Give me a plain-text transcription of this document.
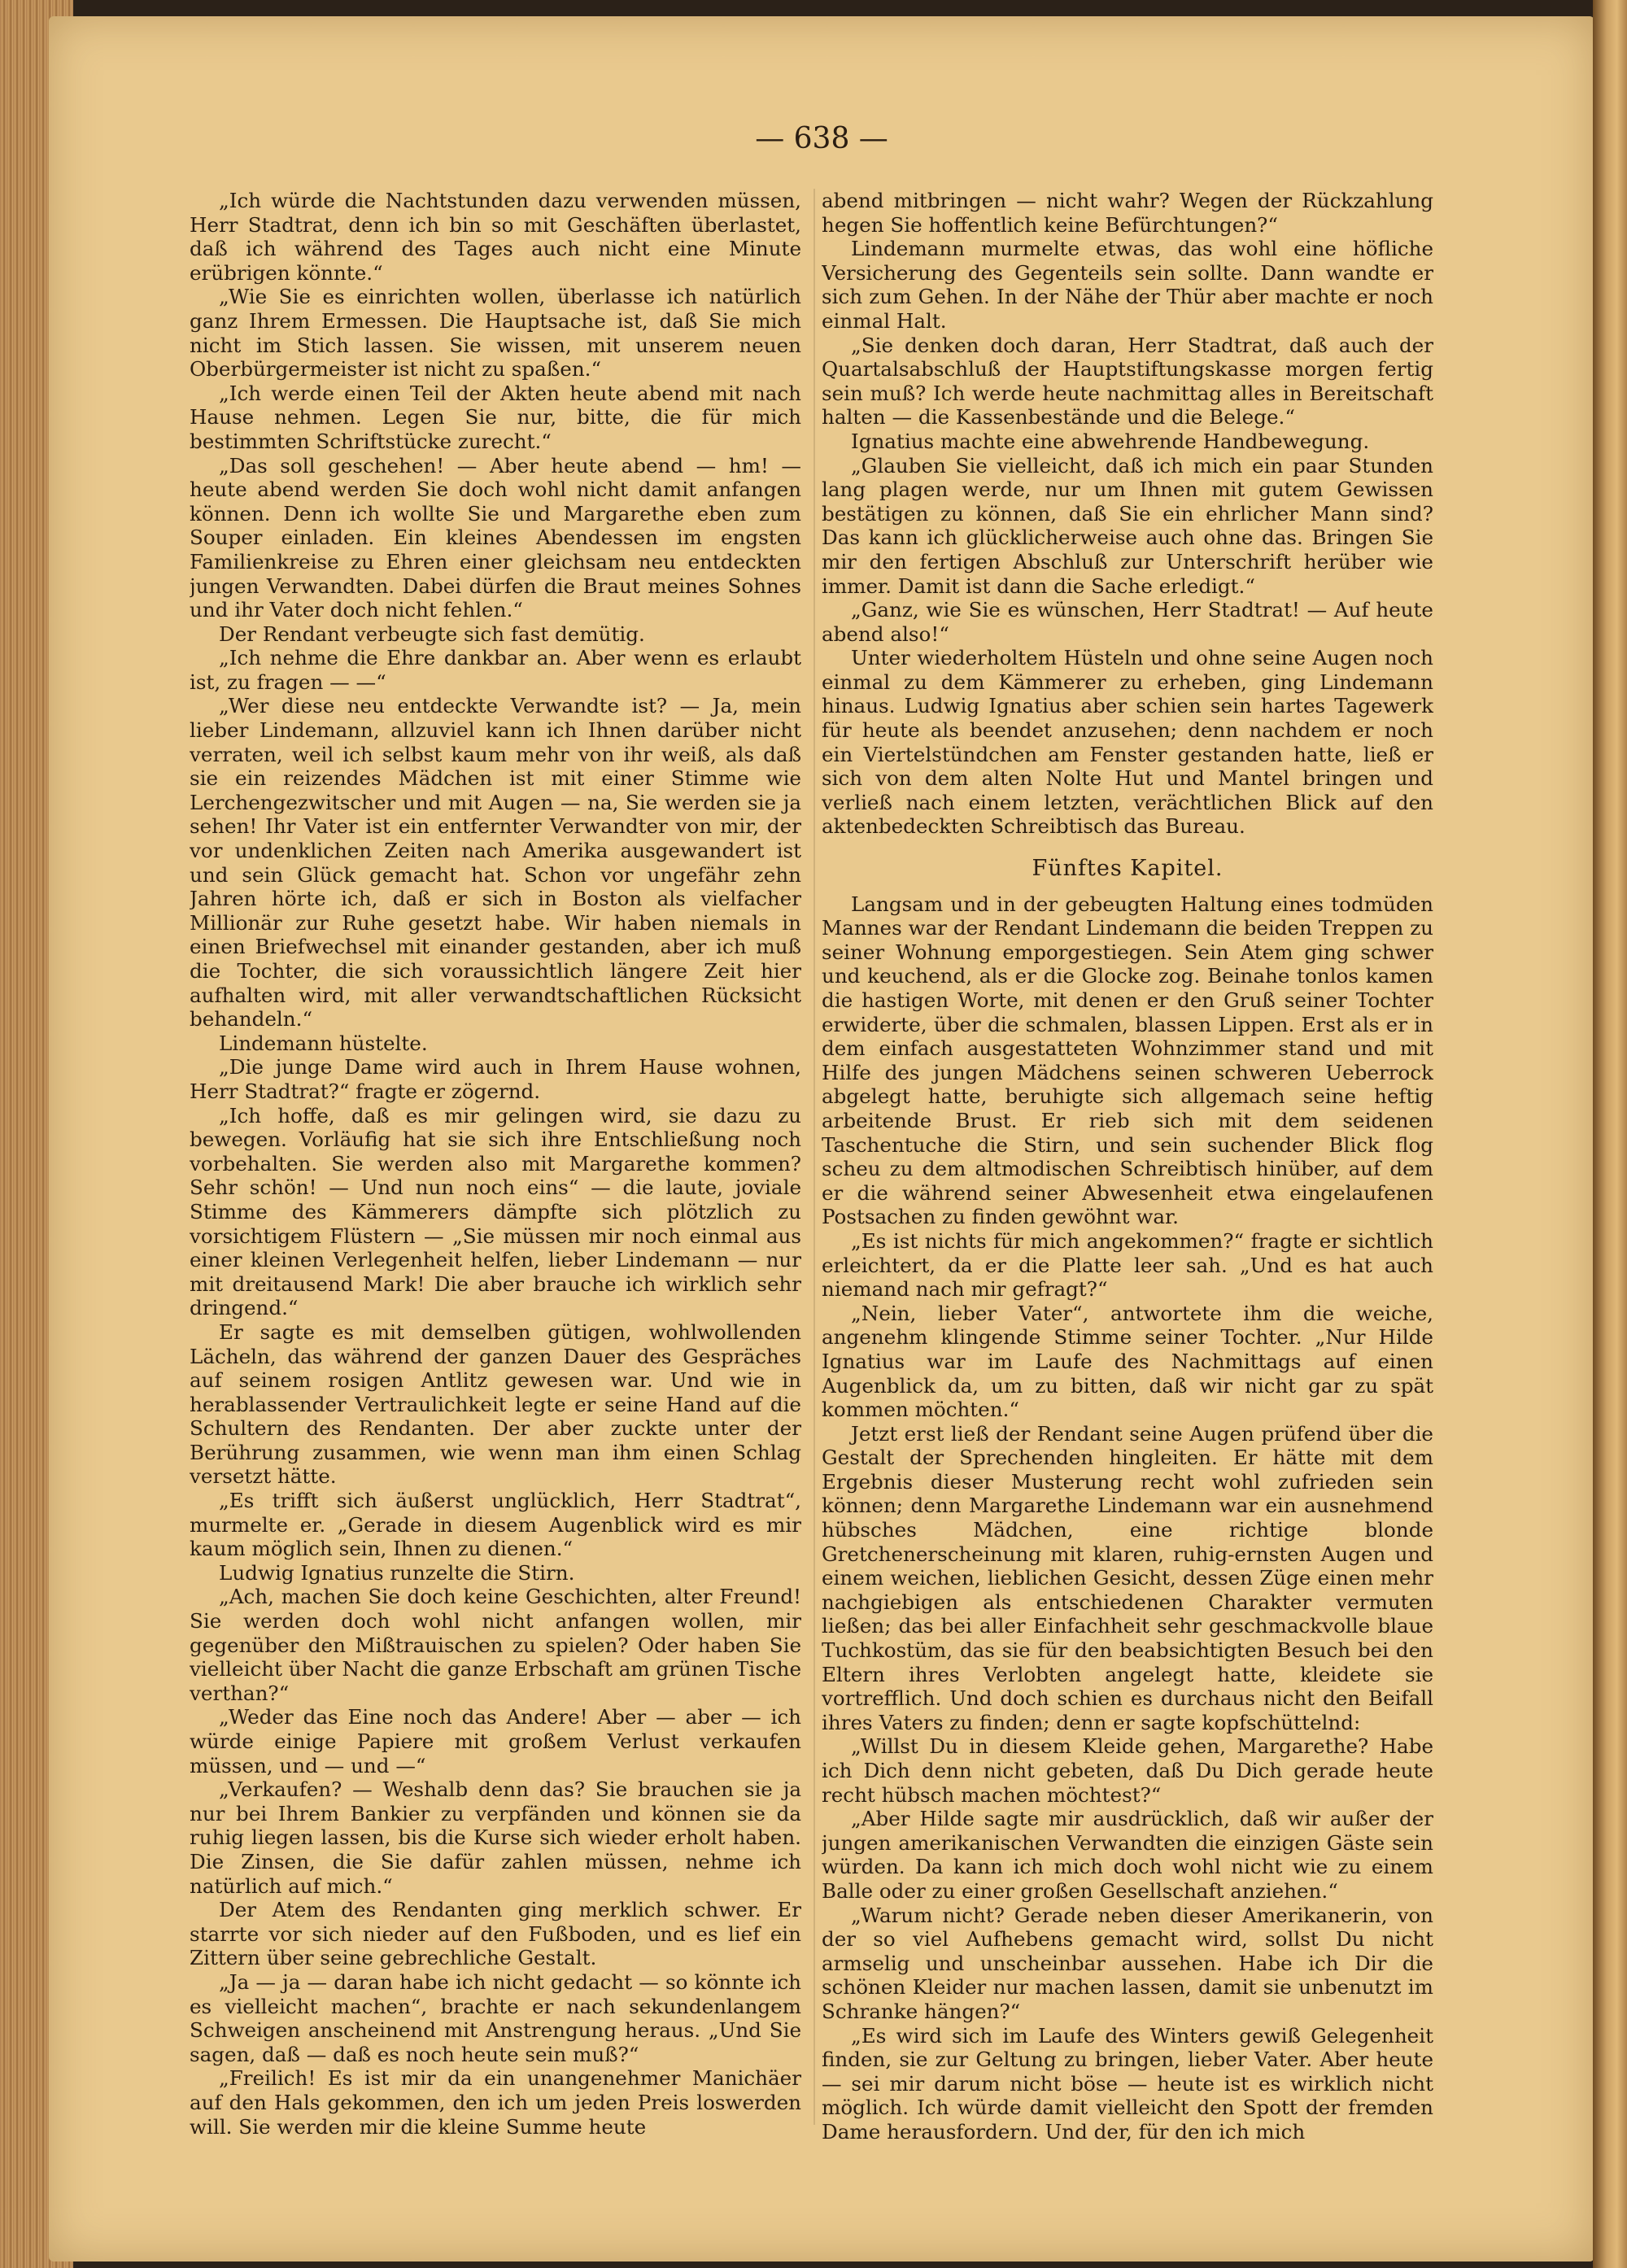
— 638 —

„Ich würde die Nachtstunden dazu verwenden müssen, Herr Stadtrat, denn ich bin so mit Geschäften überlastet, daß ich während des Tages auch nicht eine Minute erübrigen könnte.“

„Wie Sie es einrichten wollen, überlasse ich natürlich ganz Ihrem Ermessen. Die Hauptsache ist, daß Sie mich nicht im Stich lassen. Sie wissen, mit unserem neuen Oberbürgermeister ist nicht zu spaßen.“

„Ich werde einen Teil der Akten heute abend mit nach Hause nehmen. Legen Sie nur, bitte, die für mich bestimmten Schriftstücke zurecht.“

„Das soll geschehen! — Aber heute abend — hm! — heute abend werden Sie doch wohl nicht damit anfangen können. Denn ich wollte Sie und Margarethe eben zum Souper einladen. Ein kleines Abendessen im engsten Familienkreise zu Ehren einer gleichsam neu entdeckten jungen Verwandten. Dabei dürfen die Braut meines Sohnes und ihr Vater doch nicht fehlen.“

Der Rendant verbeugte sich fast demütig.

„Ich nehme die Ehre dankbar an. Aber wenn es erlaubt ist, zu fragen — —“

„Wer diese neu entdeckte Verwandte ist? — Ja, mein lieber Lindemann, allzuviel kann ich Ihnen darüber nicht verraten, weil ich selbst kaum mehr von ihr weiß, als daß sie ein reizendes Mädchen ist mit einer Stimme wie Lerchengezwitscher und mit Augen — na, Sie werden sie ja sehen! Ihr Vater ist ein entfernter Verwandter von mir, der vor undenklichen Zeiten nach Amerika ausgewandert ist und sein Glück gemacht hat. Schon vor ungefähr zehn Jahren hörte ich, daß er sich in Boston als vielfacher Millionär zur Ruhe gesetzt habe. Wir haben niemals in einen Briefwechsel mit einander gestanden, aber ich muß die Tochter, die sich voraussichtlich längere Zeit hier aufhalten wird, mit aller verwandtschaftlichen Rücksicht behandeln.“

Lindemann hüstelte.

„Die junge Dame wird auch in Ihrem Hause wohnen, Herr Stadtrat?“ fragte er zögernd.

„Ich hoffe, daß es mir gelingen wird, sie dazu zu bewegen. Vorläufig hat sie sich ihre Entschließung noch vorbehalten. Sie werden also mit Margarethe kommen? Sehr schön! — Und nun noch eins“ — die laute, joviale Stimme des Kämmerers dämpfte sich plötzlich zu vorsichtigem Flüstern — „Sie müssen mir noch einmal aus einer kleinen Verlegenheit helfen, lieber Lindemann — nur mit dreitausend Mark! Die aber brauche ich wirklich sehr dringend.“

Er sagte es mit demselben gütigen, wohlwollenden Lächeln, das während der ganzen Dauer des Gespräches auf seinem rosigen Antlitz gewesen war. Und wie in herablassender Vertraulichkeit legte er seine Hand auf die Schultern des Rendanten. Der aber zuckte unter der Berührung zusammen, wie wenn man ihm einen Schlag versetzt hätte.

„Es trifft sich äußerst unglücklich, Herr Stadtrat“, murmelte er. „Gerade in diesem Augenblick wird es mir kaum möglich sein, Ihnen zu dienen.“

Ludwig Ignatius runzelte die Stirn.

„Ach, machen Sie doch keine Geschichten, alter Freund! Sie werden doch wohl nicht anfangen wollen, mir gegenüber den Mißtrauischen zu spielen? Oder haben Sie vielleicht über Nacht die ganze Erbschaft am grünen Tische verthan?“

„Weder das Eine noch das Andere! Aber — aber — ich würde einige Papiere mit großem Verlust verkaufen müssen, und — und —“

„Verkaufen? — Weshalb denn das? Sie brauchen sie ja nur bei Ihrem Bankier zu verpfänden und können sie da ruhig liegen lassen, bis die Kurse sich wieder erholt haben. Die Zinsen, die Sie dafür zahlen müssen, nehme ich natürlich auf mich.“

Der Atem des Rendanten ging merklich schwer. Er starrte vor sich nieder auf den Fußboden, und es lief ein Zittern über seine gebrechliche Gestalt.

„Ja — ja — daran habe ich nicht gedacht — so könnte ich es vielleicht machen“, brachte er nach sekundenlangem Schweigen anscheinend mit Anstrengung heraus. „Und Sie sagen, daß — daß es noch heute sein muß?“

„Freilich! Es ist mir da ein unangenehmer Manichäer auf den Hals gekommen, den ich um jeden Preis loswerden will. Sie werden mir die kleine Summe heute

abend mitbringen — nicht wahr? Wegen der Rückzahlung hegen Sie hoffentlich keine Befürchtungen?“

Lindemann murmelte etwas, das wohl eine höfliche Versicherung des Gegenteils sein sollte. Dann wandte er sich zum Gehen. In der Nähe der Thür aber machte er noch einmal Halt.

„Sie denken doch daran, Herr Stadtrat, daß auch der Quartalsabschluß der Hauptstiftungskasse morgen fertig sein muß? Ich werde heute nachmittag alles in Bereitschaft halten — die Kassenbestände und die Belege.“

Ignatius machte eine abwehrende Handbewegung.

„Glauben Sie vielleicht, daß ich mich ein paar Stunden lang plagen werde, nur um Ihnen mit gutem Gewissen bestätigen zu können, daß Sie ein ehrlicher Mann sind? Das kann ich glücklicherweise auch ohne das. Bringen Sie mir den fertigen Abschluß zur Unterschrift herüber wie immer. Damit ist dann die Sache erledigt.“

„Ganz, wie Sie es wünschen, Herr Stadtrat! — Auf heute abend also!“

Unter wiederholtem Hüsteln und ohne seine Augen noch einmal zu dem Kämmerer zu erheben, ging Lindemann hinaus. Ludwig Ignatius aber schien sein hartes Tagewerk für heute als beendet anzusehen; denn nachdem er noch ein Viertelstündchen am Fenster gestanden hatte, ließ er sich von dem alten Nolte Hut und Mantel bringen und verließ nach einem letzten, verächtlichen Blick auf den aktenbedeckten Schreibtisch das Bureau.

Fünftes Kapitel.

Langsam und in der gebeugten Haltung eines todmüden Mannes war der Rendant Lindemann die beiden Treppen zu seiner Wohnung emporgestiegen. Sein Atem ging schwer und keuchend, als er die Glocke zog. Beinahe tonlos kamen die hastigen Worte, mit denen er den Gruß seiner Tochter erwiderte, über die schmalen, blassen Lippen. Erst als er in dem einfach ausgestatteten Wohnzimmer stand und mit Hilfe des jungen Mädchens seinen schweren Ueberrock abgelegt hatte, beruhigte sich allgemach seine heftig arbeitende Brust. Er rieb sich mit dem seidenen Taschentuche die Stirn, und sein suchender Blick flog scheu zu dem altmodischen Schreibtisch hinüber, auf dem er die während seiner Abwesenheit etwa eingelaufenen Postsachen zu finden gewöhnt war.

„Es ist nichts für mich angekommen?“ fragte er sichtlich erleichtert, da er die Platte leer sah. „Und es hat auch niemand nach mir gefragt?“

„Nein, lieber Vater“, antwortete ihm die weiche, angenehm klingende Stimme seiner Tochter. „Nur Hilde Ignatius war im Laufe des Nachmittags auf einen Augenblick da, um zu bitten, daß wir nicht gar zu spät kommen möchten.“

Jetzt erst ließ der Rendant seine Augen prüfend über die Gestalt der Sprechenden hingleiten. Er hätte mit dem Ergebnis dieser Musterung recht wohl zufrieden sein können; denn Margarethe Lindemann war ein ausnehmend hübsches Mädchen, eine richtige blonde Gretchenerscheinung mit klaren, ruhig-ernsten Augen und einem weichen, lieblichen Gesicht, dessen Züge einen mehr nachgiebigen als entschiedenen Charakter vermuten ließen; das bei aller Einfachheit sehr geschmackvolle blaue Tuchkostüm, das sie für den beabsichtigten Besuch bei den Eltern ihres Verlobten angelegt hatte, kleidete sie vortrefflich. Und doch schien es durchaus nicht den Beifall ihres Vaters zu finden; denn er sagte kopfschüttelnd:

„Willst Du in diesem Kleide gehen, Margarethe? Habe ich Dich denn nicht gebeten, daß Du Dich gerade heute recht hübsch machen möchtest?“

„Aber Hilde sagte mir ausdrücklich, daß wir außer der jungen amerikanischen Verwandten die einzigen Gäste sein würden. Da kann ich mich doch wohl nicht wie zu einem Balle oder zu einer großen Gesellschaft anziehen.“

„Warum nicht? Gerade neben dieser Amerikanerin, von der so viel Aufhebens gemacht wird, sollst Du nicht armselig und unscheinbar aussehen. Habe ich Dir die schönen Kleider nur machen lassen, damit sie unbenutzt im Schranke hängen?“

„Es wird sich im Laufe des Winters gewiß Gelegenheit finden, sie zur Geltung zu bringen, lieber Vater. Aber heute — sei mir darum nicht böse — heute ist es wirklich nicht möglich. Ich würde damit vielleicht den Spott der fremden Dame herausfordern. Und der, für den ich mich
